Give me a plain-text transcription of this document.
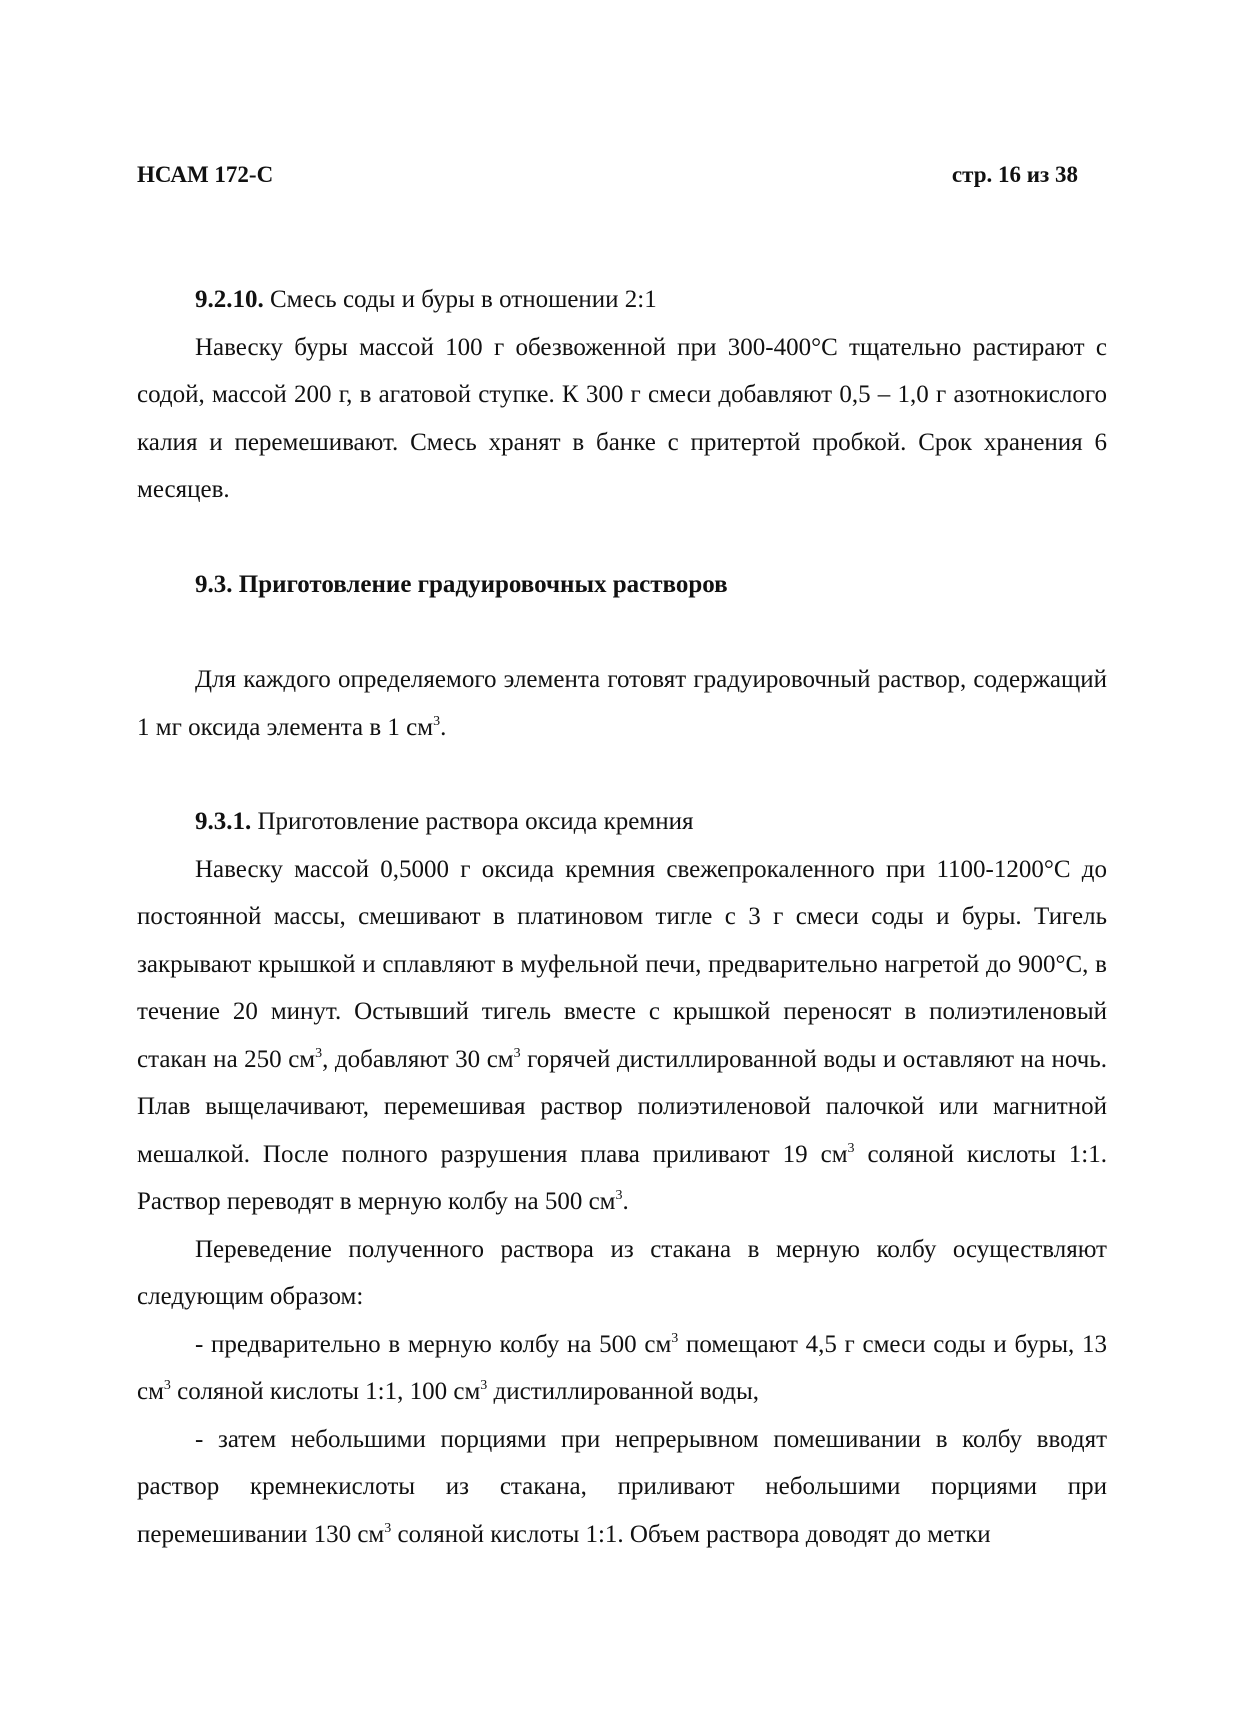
НСАМ 172-С	стр. 16 из 38

9.2.10. Смесь соды и буры в отношении 2:1

Навеску буры массой 100 г обезвоженной при 300-400°С тщательно растирают с содой, массой 200 г, в агатовой ступке. К 300 г смеси добавляют 0,5 – 1,0 г азотнокислого калия и перемешивают. Смесь хранят в банке с притертой пробкой. Срок хранения 6 месяцев.

9.3. Приготовление градуировочных растворов

Для каждого определяемого элемента готовят градуировочный раствор, содержащий 1 мг оксида элемента в 1 $см^3$.

9.3.1. Приготовление раствора оксида кремния

Навеску массой 0,5000 г оксида кремния свежепрокаленного при 1100-1200°С до постоянной массы, смешивают в платиновом тигле с 3 г смеси соды и буры. Тигель закрывают крышкой и сплавляют в муфельной печи, предварительно нагретой до 900°С, в течение 20 минут. Остывший тигель вместе с крышкой переносят в полиэтиленовый стакан на 250 $см^3$, добавляют 30 $см^3$ горячей дистиллированной воды и оставляют на ночь. Плав выщелачивают, перемешивая раствор полиэтиленовой палочкой или магнитной мешалкой. После полного разрушения плава приливают 19 $см^3$ соляной кислоты 1:1. Раствор переводят в мерную колбу на 500 $см^3$.

Переведение полученного раствора из стакана в мерную колбу осуществляют следующим образом:

- предварительно в мерную колбу на 500 $см^3$ помещают 4,5 г смеси соды и буры, 13 $см^3$ соляной кислоты 1:1, 100 $см^3$ дистиллированной воды,

- затем небольшими порциями при непрерывном помешивании в колбу вводят раствор кремнекислоты из стакана, приливают небольшими порциями при перемешивании 130 $см^3$ соляной кислоты 1:1. Объем раствора доводят до метки
